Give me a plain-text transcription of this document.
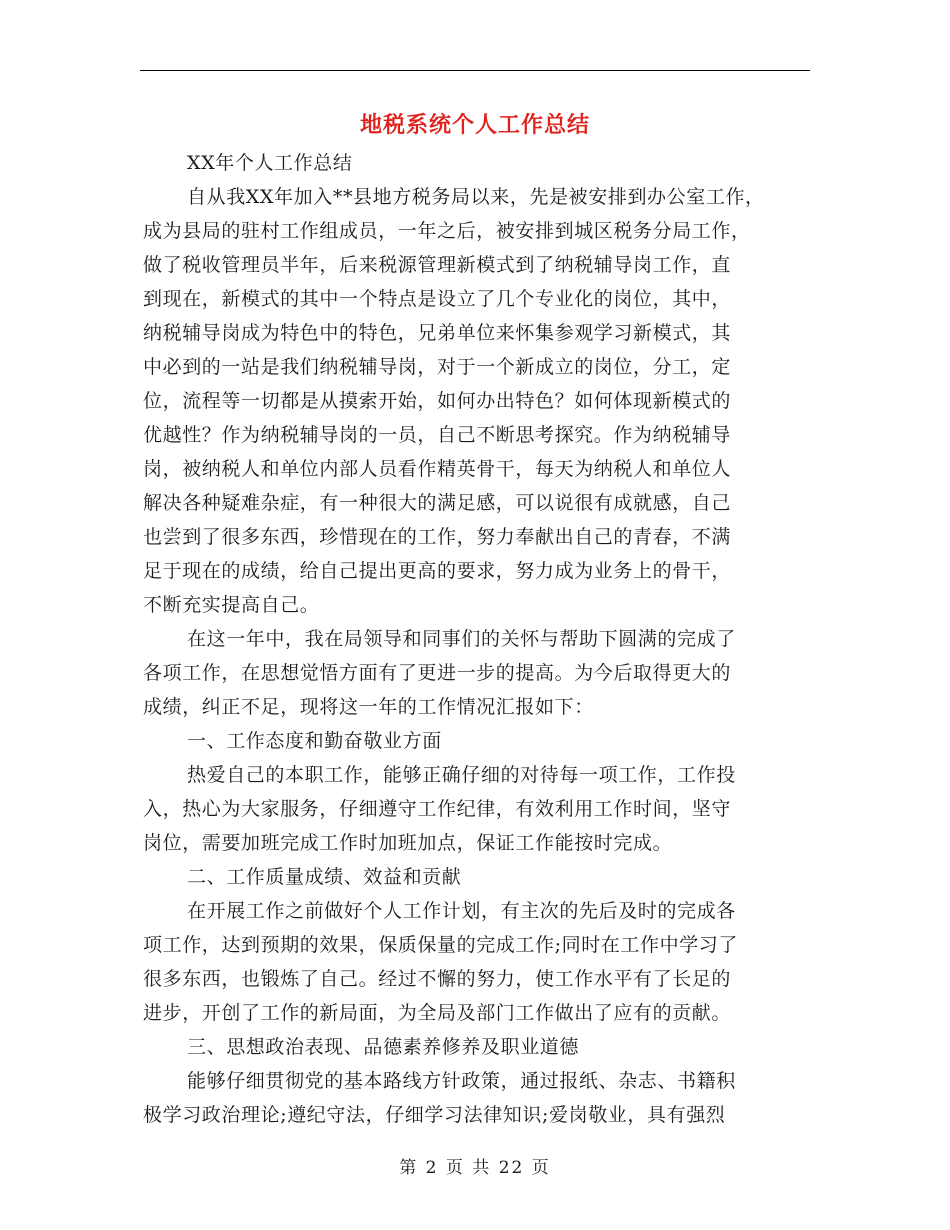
地税系统个人工作总结
XX年个人工作总结
自从我XX年加入**县地方税务局以来，先是被安排到办公室工作，
成为县局的驻村工作组成员，一年之后，被安排到城区税务分局工作，
做了税收管理员半年，后来税源管理新模式到了纳税辅导岗工作，直
到现在，新模式的其中一个特点是设立了几个专业化的岗位，其中，
纳税辅导岗成为特色中的特色，兄弟单位来怀集参观学习新模式，其
中必到的一站是我们纳税辅导岗，对于一个新成立的岗位，分工，定
位，流程等一切都是从摸索开始，如何办出特色？如何体现新模式的
优越性？作为纳税辅导岗的一员，自己不断思考探究。作为纳税辅导
岗，被纳税人和单位内部人员看作精英骨干，每天为纳税人和单位人
解决各种疑难杂症，有一种很大的满足感，可以说很有成就感，自己
也尝到了很多东西，珍惜现在的工作，努力奉献出自己的青春，不满
足于现在的成绩，给自己提出更高的要求，努力成为业务上的骨干，
不断充实提高自己。
在这一年中，我在局领导和同事们的关怀与帮助下圆满的完成了
各项工作，在思想觉悟方面有了更进一步的提高。为今后取得更大的
成绩，纠正不足，现将这一年的工作情况汇报如下：
一、工作态度和勤奋敬业方面
热爱自己的本职工作，能够正确仔细的对待每一项工作，工作投
入，热心为大家服务，仔细遵守工作纪律，有效利用工作时间，坚守
岗位，需要加班完成工作时加班加点，保证工作能按时完成。
二、工作质量成绩、效益和贡献
在开展工作之前做好个人工作计划，有主次的先后及时的完成各
项工作，达到预期的效果，保质保量的完成工作;同时在工作中学习了
很多东西，也锻炼了自己。经过不懈的努力，使工作水平有了长足的
进步，开创了工作的新局面，为全局及部门工作做出了应有的贡献。
三、思想政治表现、品德素养修养及职业道德
能够仔细贯彻党的基本路线方针政策，通过报纸、杂志、书籍积
极学习政治理论;遵纪守法，仔细学习法律知识;爱岗敬业，具有强烈
第 2 页 共 22 页
